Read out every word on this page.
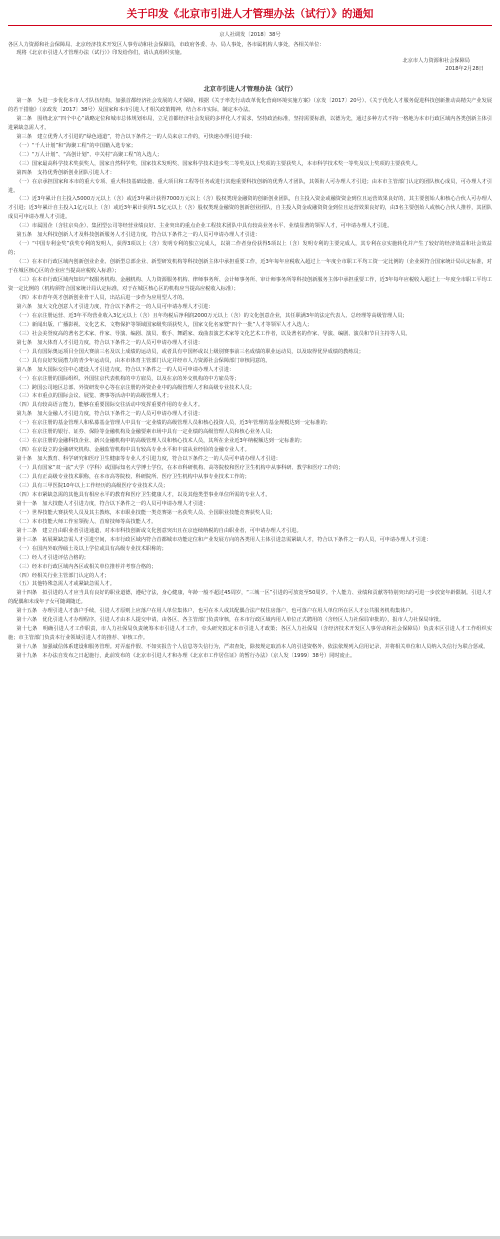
关于印发《北京市引进人才管理办法（试行）》的通知
京人社调发〔2018〕38号
各区人力资源和社会保障局、北京经济技术开发区人事劳动和社会保障局，市政府各委、办、局人事处，各市属机构人事处，各相关单位：
现将《北京市引进人才管理办法（试行）》印发给你们，请认真组织实施。
北京市人力资源和社会保障局
2018年2月28日
北京市引进人才管理办法（试行）

第一条　为进一步优化本市人才队伍结构，加强首都经济社会发展的人才保障，根据《关于率先行动改革优化营商环境实施方案》（京发〔2017〕20号）、《关于优化人才服务促进科技创新推动高精尖产业发展的若干措施》（京政发〔2017〕38号）及国家和本市引进人才相关政策精神，结合本市实际，制定本办法。

第二条　围绕北京“四个中心”战略定位和城市总体规划布局，立足首都经济社会发展的多样化人才需求，坚持政治标准，坚持需要标准，以德为先，通过多种方式不拘一格地为本市行政区域内各类创新主体引进紧缺急需人才。

第三条　建立优秀人才引进的“绿色通道”，符合以下条件之一的人员来京工作的，可快速办理引进手续：

（一）“千人计划”和“海聚工程”的中国籍入选专家；

（二）“万人计划”、“高创计划”、中关村“高聚工程”的入选人；

（三）国家最高科学技术奖获奖人，国家自然科学奖、国家技术发明奖、国家科学技术进步奖二等奖及以上奖项的主要获奖人，本市科学技术奖一等奖及以上奖项的主要获奖人。

第四条　支持优秀创新创业团队引进人才：

（一）在京承担国家和本市的重大专项、重大科技基础设施、重大项目和工程等任务或进行其他重要科技创新的优秀人才团队，其领衔人可办理人才引进；由本市主管部门认定的团队核心成员，可办理人才引进。

（二）近3年累计自主投入5000万元以上（含）或近3年累计获得7000万元以上（含）股权类现金融资的创新创业团队，自主投入资金或融资资金到位且运营效果良好的，其主要创始人和核心合伙人可办理人才引进；近3年累计自主投入1亿元以上（含）或近3年累计获得1.5亿元以上（含）股权类现金融资的创新创业团队，自主投入资金或融资资金到位且运营效果良好的，由3名主要创始人或核心合伙人推荐，其团队成员可申请办理人才引进。

（三）市属国企（含驻京央企）、集团型公司等经营业绩良好、主业突出的重点企业工程技术团队中具有较高业务水平、业绩显著的领军人才，可申请办理人才引进。

第五条　加大科技创新人才及科技创新服务人才引进力度，符合以下条件之一的人员可申请办理人才引进：

（一）“中国专利金奖”获奖专利的发明人，获得3项以上（含）发明专利的独立完成人，以第二作者身份获得5项以上（含）发明专利的主要完成人，其专利在京实施转化并产生了较好的经济效益和社会效益的；

（二）在本市行政区域内创新创业企业、创新型总部企业、新型研发机构等科技创新主体中承担重要工作，近3年每年应税收入超过上一年度全市职工平均工资一定比例的（企业须符合国家统计局认定标准，对于在城区核心区的企业应当提高应税收入标准）；

（三）在本市行政区域内知识产权服务机构、金融机构、人力资源服务机构、律师事务所、会计师事务所、审计师事务所等科技创新服务主体中承担重要工作，近3年每年应税收入超过上一年度全市职工平均工资一定比例的（机构须符合国家统计局认定标准，对于在城区核心区的机构应当提高应税收入标准）；

（四）本市青年英才创新创业骨干人员，出站后进一步作为应用型人才的。

第六条　加大文化创意人才引进力度，符合以下条件之一的人员可申请办理人才引进：

（一）在京注册运营、近3年平均营业收入3亿元以上（含）且年均税后净利润2000万元以上（含）的文化创意企业，其任职满3年的法定代表人、总经理等高级管理人员；

（二）新闻出版、广播影视、文化艺术、文物保护等领域国家级奖项获奖人，国家文化名家暨“四个一批”人才等领军人才入选人；

（三）社会美誉度高的著名艺术家、作家、导演、编剧、演员、歌手、舞蹈家、戏曲表演艺术家等文化艺术工作者，以及著名的作家、导演、编剧、演员和节目主持等人员。

第七条　加大体育人才引进力度，符合以下条件之一的人员可申请办理人才引进：

（一）具有国际奥运项目全国大赛前三名及以上成绩的运动员，或者具有中国杯或以上级别赛事前三名成绩的职业运动员，以及取得优异成绩的教练员；

（二）具有良好发展潜力的青少年运动员，由本市体育主管部门认定并经市人力资源社会保障部门审核同意的。

第八条　加大国际交往中心建设人才引进力度，符合以下条件之一的人员可申请办理人才引进：

（一）在京注册的国际组织、外国驻京代表机构的中方雇员，以及在京的外交机构的中方雇员等；

（二）跨国公司地区总部、外资研发中心等在京注册的外资企业中的高级管理人才和高级专业技术人员；

（三）本市重点的国际会议、展览、赛事等活动中的高级管理人才；

（四）具有较高语言能力，能够在重要国际交往活动中发挥重要作用的专业人才。

第九条　加大金融人才引进力度，符合以下条件之一的人员可申请办理人才引进：

（一）在京注册的基金管理人和私募基金管理人中具有一定业绩的高级管理人员和核心投资人员，近3年管理的基金规模达到一定标准的；

（二）在京注册的银行、证券、保险等金融机构及金融要素市场中具有一定业绩的高级管理人员和核心业务人员；

（三）在京注册的金融科技企业、新兴金融机构中的高级管理人员和核心技术人员，其所在企业近3年纳税额达到一定标准的；

（四）在京设立的金融研究机构、金融监管机构中具有较高专业水平和丰富从业经验的金融专业人才。

第十条　加大教育、科学研究和医疗卫生健康等专业人才引进力度，符合以下条件之一的人员可申请办理人才引进：

（一）具有国家“双一流”大学（学科）或国际知名大学博士学位，在本市科研机构、高等院校和医疗卫生机构中从事科研、教学和医疗工作的；

（二）具有正高级专业技术职称，在本市高等院校、科研院所、医疗卫生机构中从事专业技术工作的；

（三）具有三甲医院10年以上工作经历的高级医疗专业技术人员；

（四）本市紧缺急需的其他具有相应水平的教育和医疗卫生健康人才，以及其他类型事业单位所需的专业人才。

第十一条　加大技能人才引进力度，符合以下条件之一的人员可申请办理人才引进：

（一）世界技能大赛获奖人员及其主教练，本市职业技能一类竞赛第一名获奖人员、全国职业技能竞赛获奖人员；

（二）本市技能大师工作室领衔人、首席技师等高技能人才。

第十二条　建立自由职业者引进通道，对本市科技创新或文化创意突出且在京连续纳税的自由职业者，可申请办理人才引进。

第十三条　拓展紧缺急需人才引进空间，本市行政区域内符合首都城市功能定位和产业发展方向的各类用人主体引进急需紧缺人才，符合以下条件之一的人员，可申请办理人才引进：

（一）在国内外取得硕士及以上学位或具有高级专业技术职称的；

（二）经人才引进评估合格的；

（三）经本市行政区域内各区或相关单位推荐并考察合格的；

（四）经相关行业主管部门认定的人才；

（五）其他特殊急需人才或紧缺急需人才。

第十四条　拟引进的人才应当具有良好的职业道德，遵纪守法，身心健康，年龄一般不超过45周岁，“三城一区”引进的可放宽至50周岁。个人能力、业绩和贡献等特别突出的可进一步放宽年龄限制。引进人才的配偶和未成年子女可随调随迁。

第十五条　办理引进人才落户手续，引进人才原则上应落户在用人单位集体户，也可在本人或其配偶合法产权住房落户，也可落户在用人单位所在区人才公共服务机构集体户。

第十六条　优化引进人才办理程序，引进人才由本人提交申请，由各区、各主管部门负责审核，在本市行政区域内用人单位正式聘用的（含经区人力社保局审批的），报市人力社保局审批。

第十七条　明确引进人才工作职责，市人力社保局负责统筹本市引进人才工作，牵头研究拟定本市引进人才政策；各区人力社保局（含经济技术开发区人事劳动和社会保障局）负责本区引进人才工作组织实施；市主管部门负责本行业领域引进人才的推荐、审核工作。

第十八条　加强诚信体系建设和服务管理。对弄虚作假、不如实报告个人信息等失信行为，严肃查处，除按规定取消本人的引进资格外，依法依规列入信用记录，并将相关单位和人员纳入失信行为联合惩戒。

第十九条　本办法自发布之日起施行，此前发布的《北京市引进人才和办理《北京市工作居住证》的暂行办法》（京人发〔1999〕38号）同时废止。
